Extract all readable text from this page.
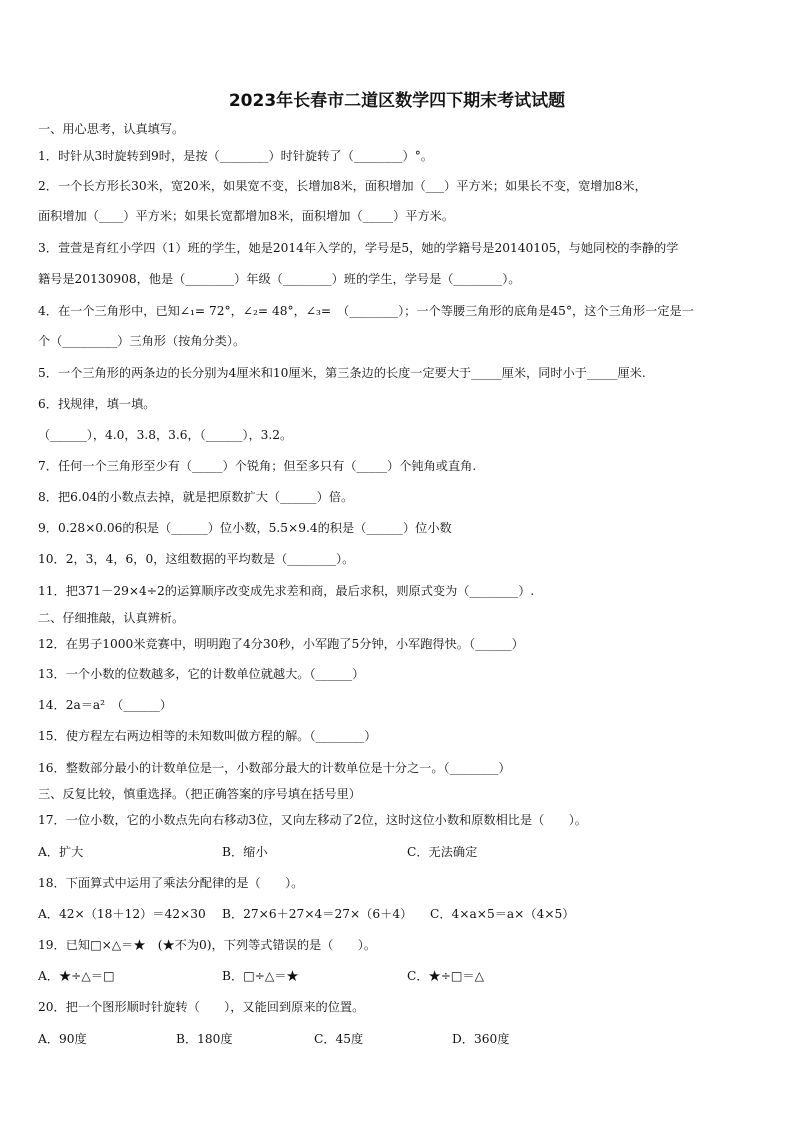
2023年长春市二道区数学四下期末考试试题
一、用心思考，认真填写。
1．时针从3时旋转到9时，是按（________）时针旋转了（________）°。
2．一个长方形长30米，宽20米，如果宽不变，长增加8米，面积增加（___）平方米；如果长不变，宽增加8米，
面积增加（____）平方米；如果长宽都增加8米，面积增加（_____）平方米。
3．萱萱是育红小学四（1）班的学生，她是2014年入学的，学号是5，她的学籍号是20140105，与她同校的李静的学
籍号是20130908，他是（________）年级（________）班的学生，学号是（________）。
4．在一个三角形中，已知∠₁= 72°，∠₂= 48°，∠₃=　（________）；一个等腰三角形的底角是45°，这个三角形一定是一
个（_________）三角形（按角分类）。
5．一个三角形的两条边的长分别为4厘米和10厘米，第三条边的长度一定要大于_____厘米，同时小于_____厘米.
6．找规律，填一填。
（______），4.0，3.8，3.6，（______），3.2。
7．任何一个三角形至少有（_____）个锐角；但至多只有（_____）个钝角或直角.
8．把6.04的小数点去掉，就是把原数扩大（______）倍。
9．0.28×0.06的积是（______）位小数，5.5×9.4的积是（______）位小数
10．2，3，4，6，0，这组数据的平均数是（________）。
11．把371－29×4÷2的运算顺序改变成先求差和商，最后求积，则原式变为（________）.
二、仔细推敲，认真辨析。
12．在男子1000米竞赛中，明明跑了4分30秒，小军跑了5分钟，小军跑得快。（______）
13．一个小数的位数越多，它的计数单位就越大。（______）
14．2a＝a²　（______）
15．使方程左右两边相等的未知数叫做方程的解。（________）
16．整数部分最小的计数单位是一，小数部分最大的计数单位是十分之一。（________）
三、反复比较，慎重选择。（把正确答案的序号填在括号里）
17．一位小数，它的小数点先向右移动3位，又向左移动了2位，这时这位小数和原数相比是（　　）。
A．扩大	B．缩小	C．无法确定
18．下面算式中运用了乘法分配律的是（　　）。
A．42×（18＋12）＝42×30 B．27×6＋27×4＝27×（6＋4） C．4×a×5＝a×（4×5）
19．已知□×△＝★　(★不为0)，下列等式错误的是（　　）。
A．★÷△＝□	B．□÷△＝★	C．★÷□＝△
20．把一个图形顺时针旋转（　　），又能回到原来的位置。
A．90度	B．180度	C．45度	D．360度
